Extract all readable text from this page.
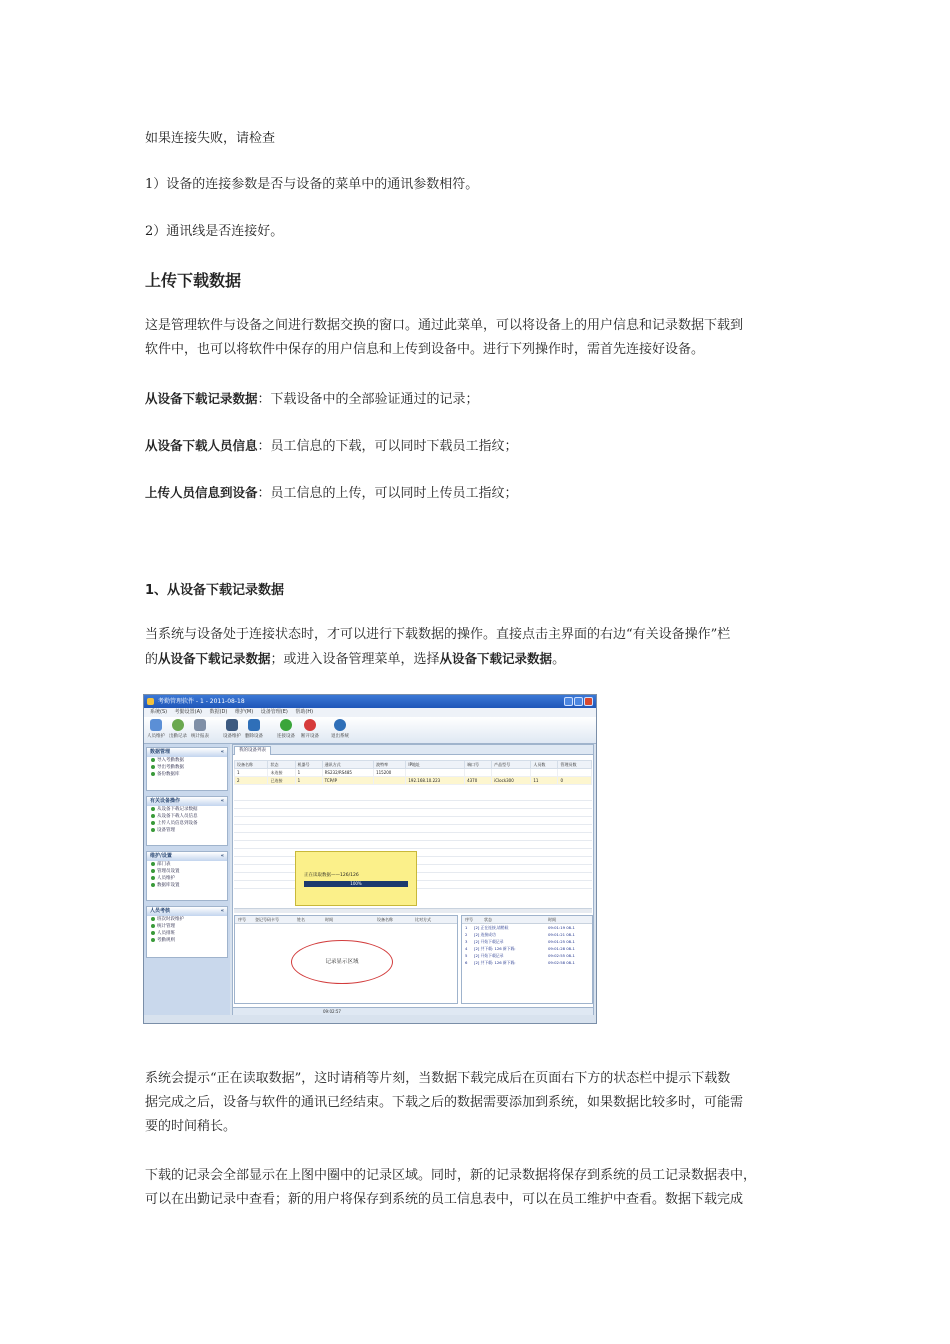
如果连接失败，请检查

1）设备的连接参数是否与设备的菜单中的通讯参数相符。

2）通讯线是否连接好。

上传下载数据

这是管理软件与设备之间进行数据交换的窗口。通过此菜单，可以将设备上的用户信息和记录数据下载到
软件中，也可以将软件中保存的用户信息和上传到设备中。进行下列操作时，需首先连接好设备。

从设备下载记录数据：下载设备中的全部验证通过的记录；

从设备下载人员信息：员工信息的下载，可以同时下载员工指纹；

上传人员信息到设备：员工信息的上传，可以同时上传员工指纹；

1、从设备下载记录数据

当系统与设备处于连接状态时，才可以进行下载数据的操作。直接点击主界面的右边“有关设备操作”栏
的从设备下载记录数据；或进入设备管理菜单，选择从设备下载记录数据。

考勤管理软件 - 1 - 2011-08-18
系统(S) 考勤设置(A) 数据(D) 维护(M) 设备管理(E) 帮助(H)
人员维护 出勤记录 统计报表	设备维护 删除设备	连接设备 断开设备	退出系统
数据管理	«
导入考勤数据
导出考勤数据
备份数据库
有关设备操作	«
从设备下载记录数据
从设备下载人员信息
上传人员信息到设备
设备管理
维护/设置	«
部门表
管理员设置
人员维护
数据库设置
人员考核	«
班次时段维护
统计管理
人员排班
考勤规则
我的设备列表
设备名称	状态	机器号	通讯方式	波特率	IP地址	端口号	产品型号	人员数	管理员数
1	未连接	1	RS232/RS485	115200					
2	已连接	1	TCP/IP		192.168.10.223	4370	iClock300	11	0
正在读取数据——126/126
100%
序号 登记号码卡号	姓名	时间	设备名称	比对方式
记录显示区域
序号	状态	时间
1 [2] 正在连接,请稍候	09:01:19 08-1
2 [2] 连接成功	09:01:21 08-1
3 [2] 开始下载记录	09:01:25 08-1
4 [2] 共下载: 126 新下载:	09:01:28 08-1
5 [2] 开始下载记录	09:02:55 08-1
6 [2] 共下载: 126 新下载:	09:02:58 08-1
09:02:57

系统会提示“正在读取数据”，这时请稍等片刻，当数据下载完成后在页面右下方的状态栏中提示下载数
据完成之后，设备与软件的通讯已经结束。下载之后的数据需要添加到系统，如果数据比较多时，可能需
要的时间稍长。

下载的记录会全部显示在上图中圈中的记录区域。同时，新的记录数据将保存到系统的员工记录数据表中，
可以在出勤记录中查看；新的用户将保存到系统的员工信息表中，可以在员工维护中查看。数据下载完成
